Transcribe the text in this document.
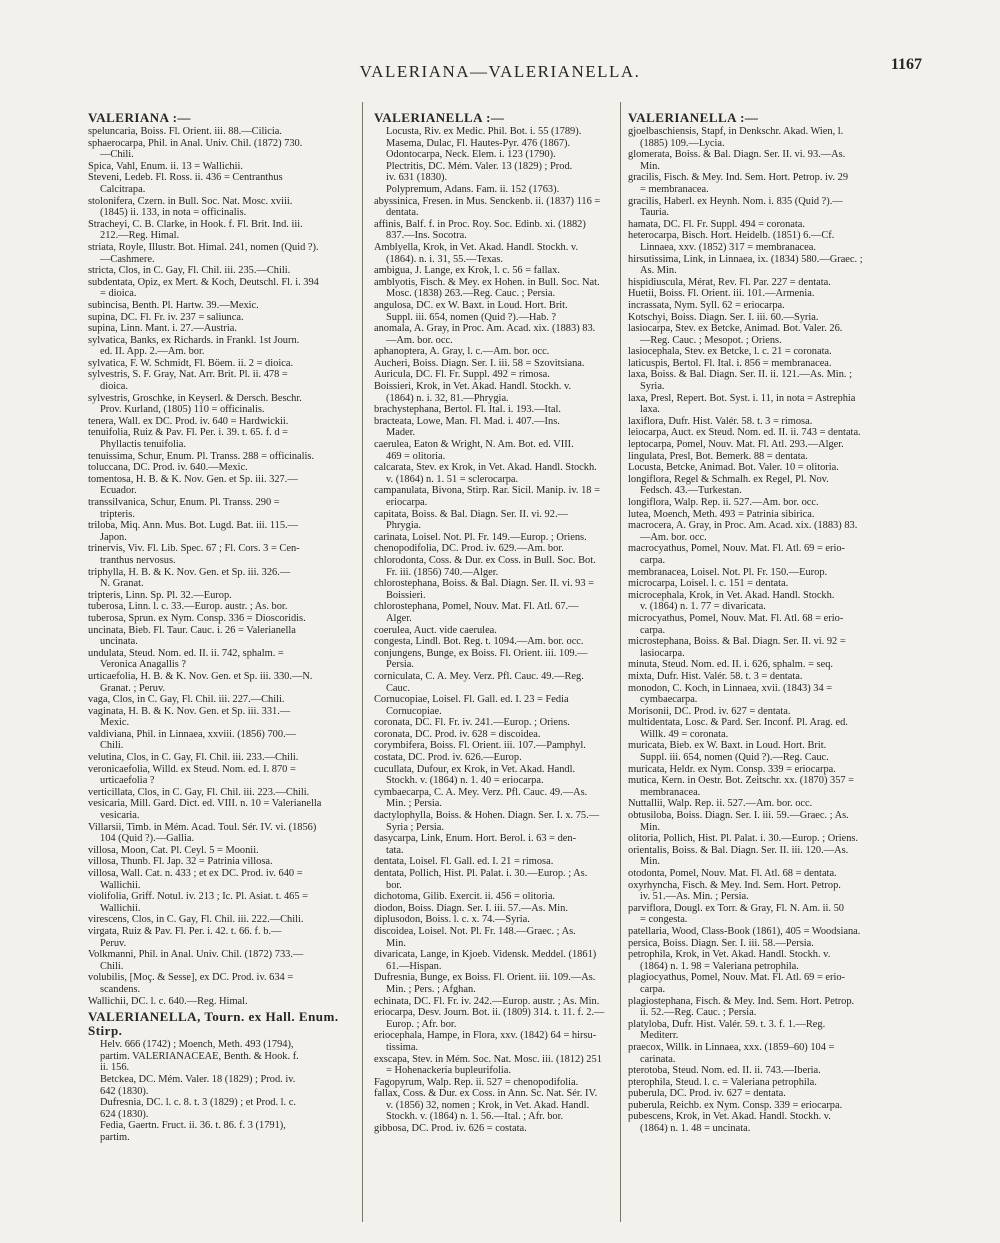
VALERIANA—VALERIANELLA.	1167
VALERIANA :—
speluncaria, Boiss. Fl. Orient. iii. 88.—Cilicia.
sphaerocarpa, Phil. in Anal. Univ. Chil. (1872) 730.
—Chili.
Spica, Vahl, Enum. ii. 13 = Wallichii.
Steveni, Ledeb. Fl. Ross. ii. 436 = Centranthus
Calcitrapa.
stolonifera, Czern. in Bull. Soc. Nat. Mosc. xviii.
(1845) ii. 133, in nota = officinalis.
Stracheyi, C. B. Clarke, in Hook. f. Fl. Brit. Ind. iii.
212.—Reg. Himal.
striata, Royle, Illustr. Bot. Himal. 241, nomen (Quid ?).
—Cashmere.
stricta, Clos, in C. Gay, Fl. Chil. iii. 235.—Chili.
subdentata, Opiz, ex Mert. & Koch, Deutschl. Fl. i. 394
= dioica.
subincisa, Benth. Pl. Hartw. 39.—Mexic.
supina, DC. Fl. Fr. iv. 237 = saliunca.
supina, Linn. Mant. i. 27.—Austria.
sylvatica, Banks, ex Richards. in Frankl. 1st Journ.
ed. II. App. 2.—Am. bor.
sylvatica, F. W. Schmidt, Fl. Böem. ii. 2 = dioica.
sylvestris, S. F. Gray, Nat. Arr. Brit. Pl. ii. 478 =
dioica.
sylvestris, Groschke, in Keyserl. & Dersch. Beschr.
Prov. Kurland, (1805) 110 = officinalis.
tenera, Wall. ex DC. Prod. iv. 640 = Hardwickii.
tenuifolia, Ruiz & Pav. Fl. Per. i. 39. t. 65. f. d =
Phyllactis tenuifolia.
tenuissima, Schur, Enum. Pl. Transs. 288 = officinalis.
toluccana, DC. Prod. iv. 640.—Mexic.
tomentosa, H. B. & K. Nov. Gen. et Sp. iii. 327.—
Ecuador.
transsilvanica, Schur, Enum. Pl. Transs. 290 =
tripteris.
triloba, Miq. Ann. Mus. Bot. Lugd. Bat. iii. 115.—
Japon.
trinervis, Viv. Fl. Lib. Spec. 67 ; Fl. Cors. 3 = Cen-
tranthus nervosus.
triphylla, H. B. & K. Nov. Gen. et Sp. iii. 326.—
N. Granat.
tripteris, Linn. Sp. Pl. 32.—Europ.
tuberosa, Linn. l. c. 33.—Europ. austr. ; As. bor.
tuberosa, Sprun. ex Nym. Consp. 336 = Dioscoridis.
uncinata, Bieb. Fl. Taur. Cauc. i. 26 = Valerianella
uncinata.
undulata, Steud. Nom. ed. II. ii. 742, sphalm. =
Veronica Anagallis ?
urticaefolia, H. B. & K. Nov. Gen. et Sp. iii. 330.—N.
Granat. ; Peruv.
vaga, Clos, in C. Gay, Fl. Chil. iii. 227.—Chili.
vaginata, H. B. & K. Nov. Gen. et Sp. iii. 331.—
Mexic.
valdiviana, Phil. in Linnaea, xxviii. (1856) 700.—
Chili.
velutina, Clos, in C. Gay, Fl. Chil. iii. 233.—Chili.
veronicaefolia, Willd. ex Steud. Nom. ed. I. 870 =
urticaefolia ?
verticillata, Clos, in C. Gay, Fl. Chil. iii. 223.—Chili.
vesicaria, Mill. Gard. Dict. ed. VIII. n. 10 = Valerianella
vesicaria.
Villarsii, Timb. in Mém. Acad. Toul. Sér. IV. vi. (1856)
104 (Quid ?).—Gallia.
villosa, Moon, Cat. Pl. Ceyl. 5 = Moonii.
villosa, Thunb. Fl. Jap. 32 = Patrinia villosa.
villosa, Wall. Cat. n. 433 ; et ex DC. Prod. iv. 640 =
Wallichii.
violifolia, Griff. Notul. iv. 213 ; Ic. Pl. Asiat. t. 465 =
Wallichii.
virescens, Clos, in C. Gay, Fl. Chil. iii. 222.—Chili.
virgata, Ruiz & Pav. Fl. Per. i. 42. t. 66. f. b.—
Peruv.
Volkmanni, Phil. in Anal. Univ. Chil. (1872) 733.—
Chili.
volubilis, [Moç. & Sesse], ex DC. Prod. iv. 634 =
scandens.
Wallichii, DC. l. c. 640.—Reg. Himal.
VALERIANELLA, Tourn. ex Hall. Enum. Stirp.
Helv. 666 (1742) ; Moench, Meth. 493 (1794),
partim. VALERIANACEAE, Benth. & Hook. f.
ii. 156.
Betckea, DC. Mém. Valer. 18 (1829) ; Prod. iv.
642 (1830).
Dufresnia, DC. l. c. 8. t. 3 (1829) ; et Prod. l. c.
624 (1830).
Fedia, Gaertn. Fruct. ii. 36. t. 86. f. 3 (1791),
partim.
VALERIANELLA :—
Locusta, Riv. ex Medic. Phil. Bot. i. 55 (1789).
Masema, Dulac, Fl. Hautes-Pyr. 476 (1867).
Odontocarpa, Neck. Elem. i. 123 (1790).
Plectritis, DC. Mém. Valer. 13 (1829) ; Prod.
iv. 631 (1830).
Polypremum, Adans. Fam. ii. 152 (1763).
abyssinica, Fresen. in Mus. Senckenb. ii. (1837) 116 =
dentata.
affinis, Balf. f. in Proc. Roy. Soc. Edinb. xi. (1882)
837.—Ins. Socotra.
Amblyella, Krok, in Vet. Akad. Handl. Stockh. v.
(1864). n. i. 31, 55.—Texas.
ambigua, J. Lange, ex Krok, l. c. 56 = fallax.
amblyotis, Fisch. & Mey. ex Hohen. in Bull. Soc. Nat.
Mosc. (1838) 263.—Reg. Cauc. ; Persia.
angulosa, DC. ex W. Baxt. in Loud. Hort. Brit.
Suppl. iii. 654, nomen (Quid ?).—Hab. ?
anomala, A. Gray, in Proc. Am. Acad. xix. (1883) 83.
—Am. bor. occ.
aphanoptera, A. Gray, l. c.—Am. bor. occ.
Aucheri, Boiss. Diagn. Ser. I. iii. 58 = Szovitsiana.
Auricula, DC. Fl. Fr. Suppl. 492 = rimosa.
Boissieri, Krok, in Vet. Akad. Handl. Stockh. v.
(1864) n. i. 32, 81.—Phrygia.
brachystephana, Bertol. Fl. Ital. i. 193.—Ital.
bracteata, Lowe, Man. Fl. Mad. i. 407.—Ins.
Mader.
caerulea, Eaton & Wright, N. Am. Bot. ed. VIII.
469 = olitoria.
calcarata, Stev. ex Krok, in Vet. Akad. Handl. Stockh.
v. (1864) n. 1. 51 = sclerocarpa.
campanulata, Bivona, Stirp. Rar. Sicil. Manip. iv. 18 =
eriocarpa.
capitata, Boiss. & Bal. Diagn. Ser. II. vi. 92.—
Phrygia.
carinata, Loisel. Not. Pl. Fr. 149.—Europ. ; Oriens.
chenopodifolia, DC. Prod. iv. 629.—Am. bor.
chlorodonta, Coss. & Dur. ex Coss. in Bull. Soc. Bot.
Fr. iii. (1856) 740.—Alger.
chlorostephana, Boiss. & Bal. Diagn. Ser. II. vi. 93 =
Boissieri.
chlorostephana, Pomel, Nouv. Mat. Fl. Atl. 67.—
Alger.
coerulea, Auct. vide caerulea.
congesta, Lindl. Bot. Reg. t. 1094.—Am. bor. occ.
conjungens, Bunge, ex Boiss. Fl. Orient. iii. 109.—
Persia.
corniculata, C. A. Mey. Verz. Pfl. Cauc. 49.—Reg.
Cauc.
Cornucopiae, Loisel. Fl. Gall. ed. I. 23 = Fedia
Cornucopiae.
coronata, DC. Fl. Fr. iv. 241.—Europ. ; Oriens.
coronata, DC. Prod. iv. 628 = discoidea.
corymbifera, Boiss. Fl. Orient. iii. 107.—Pamphyl.
costata, DC. Prod. iv. 626.—Europ.
cucullata, Dufour, ex Krok, in Vet. Akad. Handl.
Stockh. v. (1864) n. 1. 40 = eriocarpa.
cymbaecarpa, C. A. Mey. Verz. Pfl. Cauc. 49.—As.
Min. ; Persia.
dactylophylla, Boiss. & Hohen. Diagn. Ser. I. x. 75.—
Syria ; Persia.
dasycarpa, Link, Enum. Hort. Berol. i. 63 = den-
tata.
dentata, Loisel. Fl. Gall. ed. I. 21 = rimosa.
dentata, Pollich, Hist. Pl. Palat. i. 30.—Europ. ; As.
bor.
dichotoma, Gilib. Exercit. ii. 456 = olitoria.
diodon, Boiss. Diagn. Ser. I. iii. 57.—As. Min.
diplusodon, Boiss. l. c. x. 74.—Syria.
discoidea, Loisel. Not. Pl. Fr. 148.—Graec. ; As.
Min.
divaricata, Lange, in Kjoeb. Vidensk. Meddel. (1861)
61.—Hispan.
Dufresnia, Bunge, ex Boiss. Fl. Orient. iii. 109.—As.
Min. ; Pers. ; Afghan.
echinata, DC. Fl. Fr. iv. 242.—Europ. austr. ; As. Min.
eriocarpa, Desv. Journ. Bot. ii. (1809) 314. t. 11. f. 2.—
Europ. ; Afr. bor.
eriocephala, Hampe, in Flora, xxv. (1842) 64 = hirsu-
tissima.
exscapa, Stev. in Mém. Soc. Nat. Mosc. iii. (1812) 251
= Hohenackeria bupleurifolia.
Fagopyrum, Walp. Rep. ii. 527 = chenopodifolia.
fallax, Coss. & Dur. ex Coss. in Ann. Sc. Nat. Sér. IV.
v. (1856) 32, nomen ; Krok, in Vet. Akad. Handl.
Stockh. v. (1864) n. 1. 56.—Ital. ; Afr. bor.
gibbosa, DC. Prod. iv. 626 = costata.
VALERIANELLA :—
gjoelbaschiensis, Stapf, in Denkschr. Akad. Wien, l.
(1885) 109.—Lycia.
glomerata, Boiss. & Bal. Diagn. Ser. II. vi. 93.—As.
Min.
gracilis, Fisch. & Mey. Ind. Sem. Hort. Petrop. iv. 29
= membranacea.
gracilis, Haberl. ex Heynh. Nom. i. 835 (Quid ?).—
Tauria.
hamata, DC. Fl. Fr. Suppl. 494 = coronata.
heterocarpa, Bisch. Hort. Heidelb. (1851) 6.—Cf.
Linnaea, xxv. (1852) 317 = membranacea.
hirsutissima, Link, in Linnaea, ix. (1834) 580.—Graec. ;
As. Min.
hispidiuscula, Mérat, Rev. Fl. Par. 227 = dentata.
Huetii, Boiss. Fl. Orient. iii. 101.—Armenia.
incrassata, Nym. Syll. 62 = eriocarpa.
Kotschyi, Boiss. Diagn. Ser. I. iii. 60.—Syria.
lasiocarpa, Stev. ex Betcke, Animad. Bot. Valer. 26.
—Reg. Cauc. ; Mesopot. ; Oriens.
lasiocephala, Stev. ex Betcke, l. c. 21 = coronata.
laticuspis, Bertol. Fl. Ital. i. 856 = membranacea.
laxa, Boiss. & Bal. Diagn. Ser. II. ii. 121.—As. Min. ;
Syria.
laxa, Presl, Repert. Bot. Syst. i. 11, in nota = Astrephia
laxa.
laxiflora, Dufr. Hist. Valér. 58. t. 3 = rimosa.
leiocarpa, Auct. ex Steud. Nom. ed. II. ii. 743 = dentata.
leptocarpa, Pomel, Nouv. Mat. Fl. Atl. 293.—Alger.
lingulata, Presl, Bot. Bemerk. 88 = dentata.
Locusta, Betcke, Animad. Bot. Valer. 10 = olitoria.
longiflora, Regel & Schmalh. ex Regel, Pl. Nov.
Fedsch. 43.—Turkestan.
longiflora, Walp. Rep. ii. 527.—Am. bor. occ.
lutea, Moench, Meth. 493 = Patrinia sibirica.
macrocera, A. Gray, in Proc. Am. Acad. xix. (1883) 83.
—Am. bor. occ.
macrocyathus, Pomel, Nouv. Mat. Fl. Atl. 69 = erio-
carpa.
membranacea, Loisel. Not. Pl. Fr. 150.—Europ.
microcarpa, Loisel. l. c. 151 = dentata.
microcephala, Krok, in Vet. Akad. Handl. Stockh.
v. (1864) n. 1. 77 = divaricata.
microcyathus, Pomel, Nouv. Mat. Fl. Atl. 68 = erio-
carpa.
microstephana, Boiss. & Bal. Diagn. Ser. II. vi. 92 =
lasiocarpa.
minuta, Steud. Nom. ed. II. i. 626, sphalm. = seq.
mixta, Dufr. Hist. Valér. 58. t. 3 = dentata.
monodon, C. Koch, in Linnaea, xvii. (1843) 34 =
cymbaecarpa.
Morisonii, DC. Prod. iv. 627 = dentata.
multidentata, Losc. & Pard. Ser. Inconf. Pl. Arag. ed.
Willk. 49 = coronata.
muricata, Bieb. ex W. Baxt. in Loud. Hort. Brit.
Suppl. iii. 654, nomen (Quid ?).—Reg. Cauc.
muricata, Heldr. ex Nym. Consp. 339 = eriocarpa.
mutica, Kern. in Oestr. Bot. Zeitschr. xx. (1870) 357 =
membranacea.
Nuttallii, Walp. Rep. ii. 527.—Am. bor. occ.
obtusiloba, Boiss. Diagn. Ser. I. iii. 59.—Graec. ; As.
Min.
olitoria, Pollich, Hist. Pl. Palat. i. 30.—Europ. ; Oriens.
orientalis, Boiss. & Bal. Diagn. Ser. II. iii. 120.—As.
Min.
otodonta, Pomel, Nouv. Mat. Fl. Atl. 68 = dentata.
oxyrhyncha, Fisch. & Mey. Ind. Sem. Hort. Petrop.
iv. 51.—As. Min. ; Persia.
parviflora, Dougl. ex Torr. & Gray, Fl. N. Am. ii. 50
= congesta.
patellaria, Wood, Class-Book (1861), 405 = Woodsiana.
persica, Boiss. Diagn. Ser. I. iii. 58.—Persia.
petrophila, Krok, in Vet. Akad. Handl. Stockh. v.
(1864) n. 1. 98 = Valeriana petrophila.
plagiocyathus, Pomel, Nouv. Mat. Fl. Atl. 69 = erio-
carpa.
plagiostephana, Fisch. & Mey. Ind. Sem. Hort. Petrop.
ii. 52.—Reg. Cauc. ; Persia.
platyloba, Dufr. Hist. Valér. 59. t. 3. f. 1.—Reg.
Mediterr.
praecox, Willk. in Linnaea, xxx. (1859–60) 104 =
carinata.
pterotoba, Steud. Nom. ed. II. ii. 743.—Iberia.
pterophila, Steud. l. c. = Valeriana petrophila.
puberula, DC. Prod. iv. 627 = dentata.
puberula, Reichb. ex Nym. Consp. 339 = eriocarpa.
pubescens, Krok, in Vet. Akad. Handl. Stockh. v.
(1864) n. 1. 48 = uncinata.
